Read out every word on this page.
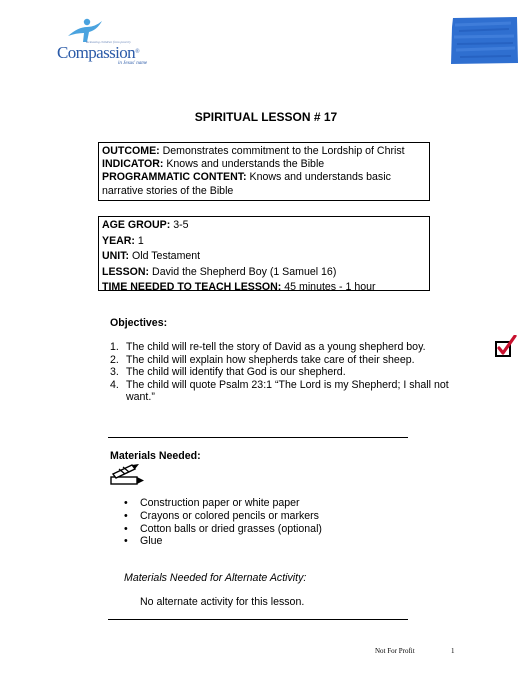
Releasing children from poverty
Compassion®
in Jesus' name
SPIRITUAL LESSON # 17
OUTCOME: Demonstrates commitment to the Lordship of Christ
INDICATOR: Knows and understands the Bible
PROGRAMMATIC CONTENT: Knows and understands basic
narrative stories of the Bible
AGE GROUP: 3-5
YEAR: 1
UNIT: Old Testament
LESSON: David the Shepherd Boy (1 Samuel 16)
TIME NEEDED TO TEACH LESSON: 45 minutes - 1 hour
Objectives:
1. The child will re-tell the story of David as a young shepherd boy.
2. The child will explain how shepherds take care of their sheep.
3. The child will identify that God is our shepherd.
4. The child will quote Psalm 23:1 “The Lord is my Shepherd; I shall not
want.”
Materials Needed:
• Construction paper or white paper
• Crayons or colored pencils or markers
• Cotton balls or dried grasses (optional)
• Glue
Materials Needed for Alternate Activity:
No alternate activity for this lesson.
Not For Profit	1
